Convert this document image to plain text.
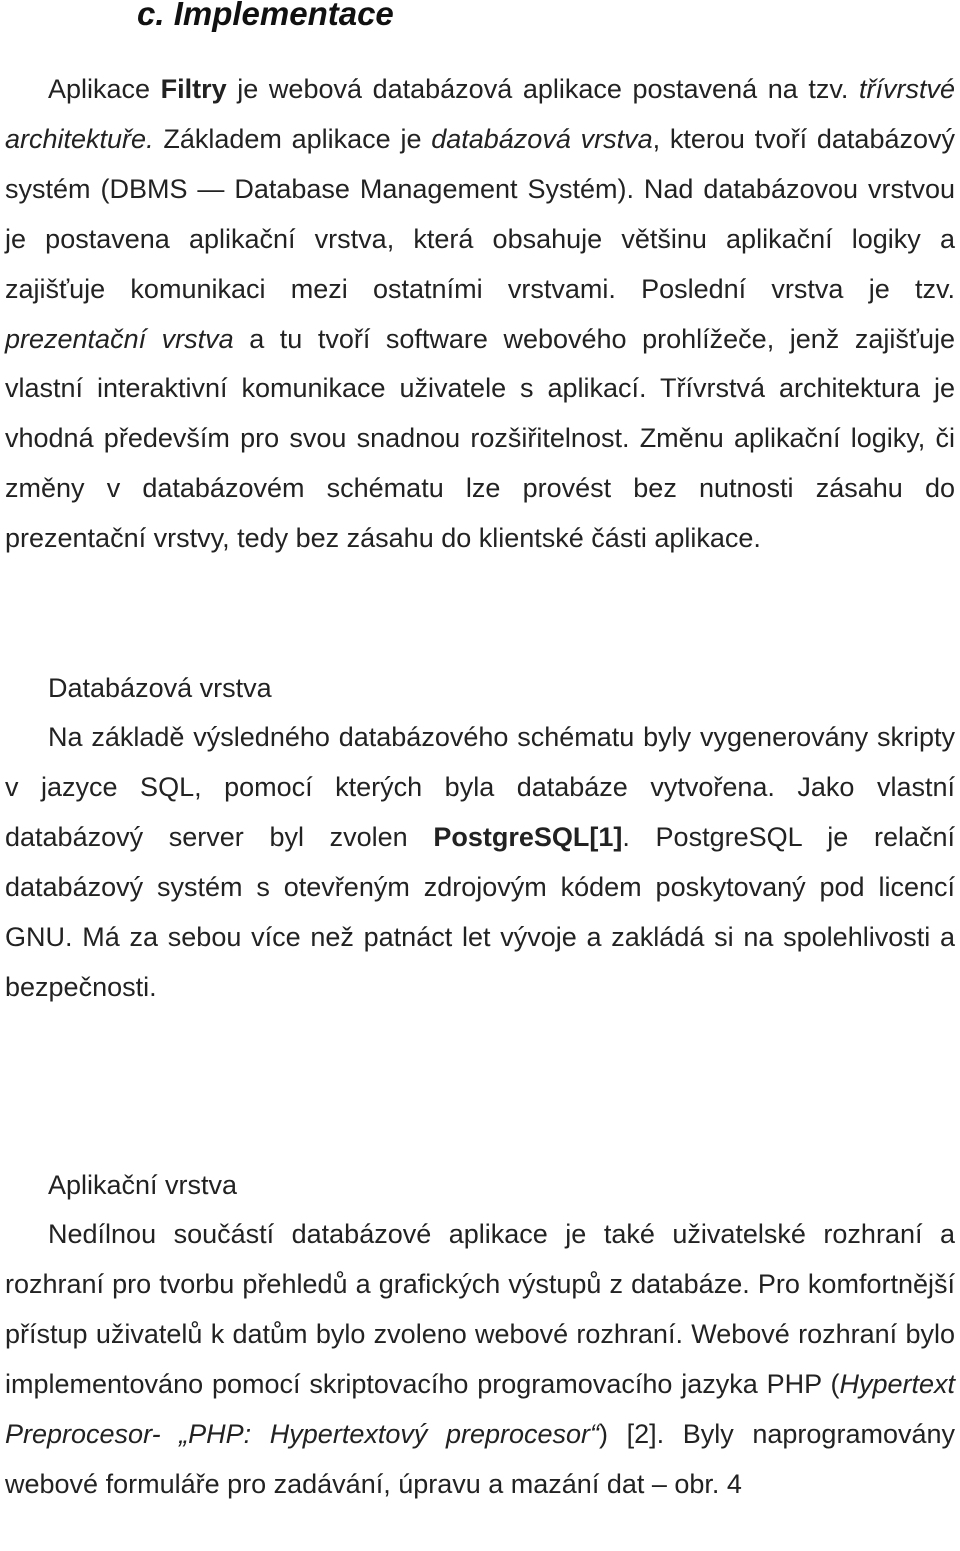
c. Implementace

Aplikace Filtry je webová databázová aplikace postavená na tzv. třívrstvé architektuře. Základem aplikace je databázová vrstva, kterou tvoří databázový systém (DBMS — Database Management Systém). Nad databázovou vrstvou je postavena aplikační vrstva, která obsahuje většinu aplikační logiky a zajišťuje komunikaci mezi ostatními vrstvami. Poslední vrstva je tzv. prezentační vrstva a tu tvoří software webového prohlížeče, jenž zajišťuje vlastní interaktivní komunikace uživatele s aplikací. Třívrstvá architektura je vhodná především pro svou snadnou rozšiřitelnost. Změnu aplikační logiky, či změny v databázovém schématu lze provést bez nutnosti zásahu do prezentační vrstvy, tedy bez zásahu do klientské části aplikace.

Databázová vrstva

Na základě výsledného databázového schématu byly vygenerovány skripty v jazyce SQL, pomocí kterých byla databáze vytvořena. Jako vlastní databázový server byl zvolen PostgreSQL[1]. PostgreSQL je relační databázový systém s otevřeným zdrojovým kódem poskytovaný pod licencí GNU. Má za sebou více než patnáct let vývoje a zakládá si na spolehlivosti a bezpečnosti.

Aplikační vrstva

Nedílnou součástí databázové aplikace je také uživatelské rozhraní a rozhraní pro tvorbu přehledů a grafických výstupů z databáze. Pro komfortnější přístup uživatelů k datům bylo zvoleno webové rozhraní. Webové rozhraní bylo implementováno pomocí skriptovacího programovacího jazyka PHP (Hypertext Preprocesor- „PHP: Hypertextový preprocesor“) [2]. Byly naprogramovány webové formuláře pro zadávání, úpravu a mazání dat – obr. 4
